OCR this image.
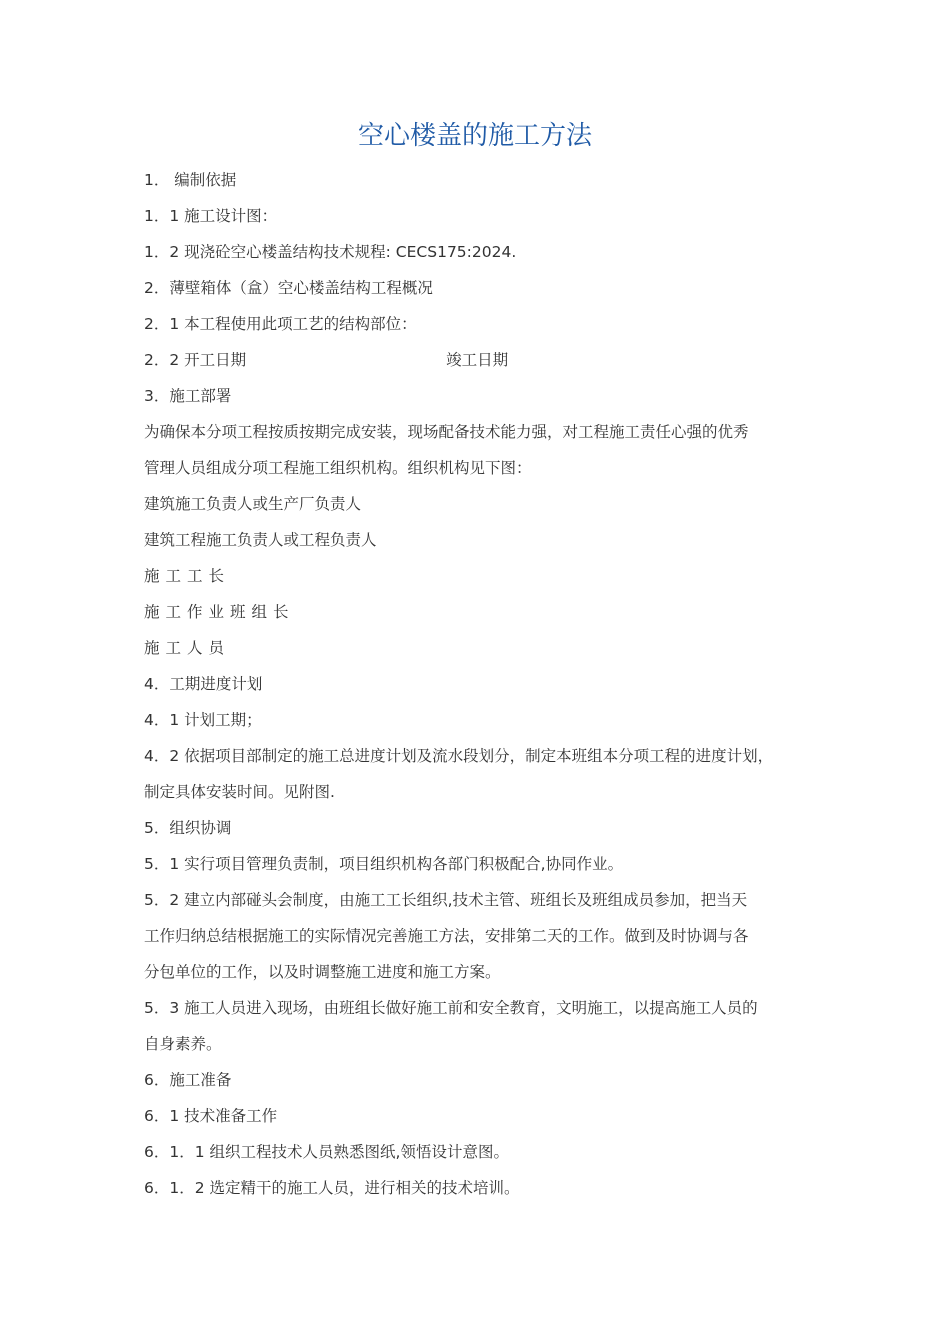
空心楼盖的施工方法
1． 编制依据
1．1 施工设计图：
1．2 现浇砼空心楼盖结构技术规程: CECS175:2024.
2．薄壁箱体（盒）空心楼盖结构工程概况
2．1 本工程使用此项工艺的结构部位：
2．2 开工日期	竣工日期
3．施工部署
为确保本分项工程按质按期完成安装，现场配备技术能力强，对工程施工责任心强的优秀
管理人员组成分项工程施工组织机构。组织机构见下图：
建筑施工负责人或生产厂负责人
建筑工程施工负责人或工程负责人
施工工长
施工作业班组长
施工人员
4．工期进度计划
4．1 计划工期；
4．2 依据项目部制定的施工总进度计划及流水段划分，制定本班组本分项工程的进度计划，
制定具体安装时间。见附图.
5．组织协调
5．1 实行项目管理负责制，项目组织机构各部门积极配合,协同作业。
5．2 建立内部碰头会制度，由施工工长组织,技术主管、班组长及班组成员参加，把当天
工作归纳总结根据施工的实际情况完善施工方法，安排第二天的工作。做到及时协调与各
分包单位的工作，以及时调整施工进度和施工方案。
5．3 施工人员进入现场，由班组长做好施工前和安全教育，文明施工，以提高施工人员的
自身素养。
6．施工准备
6．1 技术准备工作
6．1．1 组织工程技术人员熟悉图纸,领悟设计意图。
6．1．2 选定精干的施工人员，进行相关的技术培训。
